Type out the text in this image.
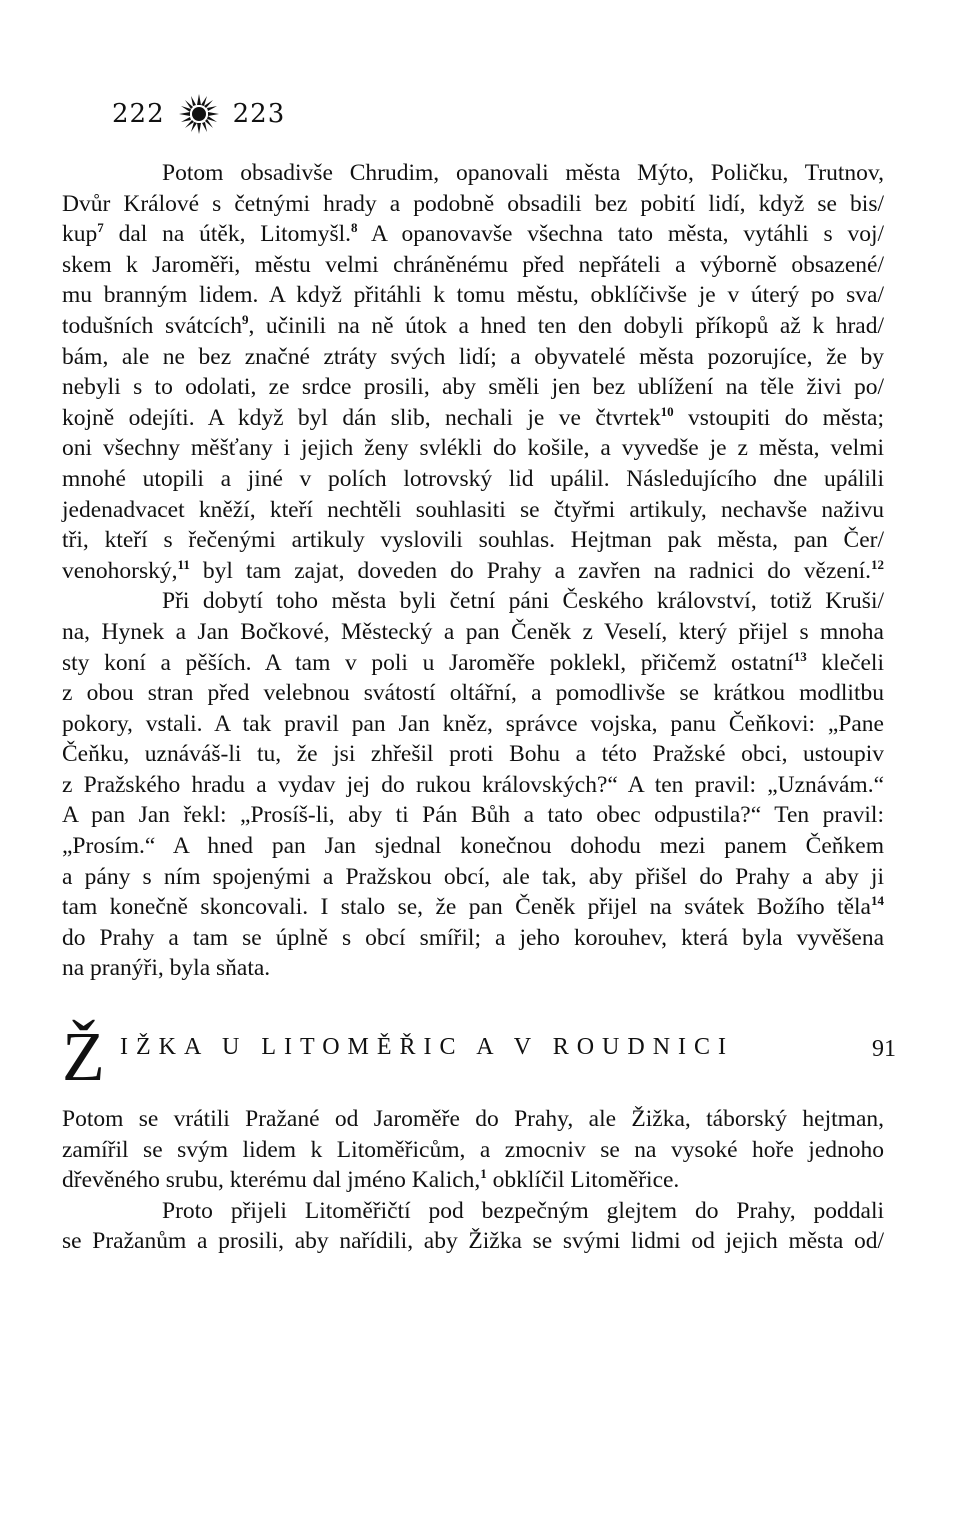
222	223
Potom obsadivše Chrudim, opanovali města Mýto, Poličku, Trutnov,
Dvůr Králové s četnými hrady a podobně obsadili bez pobití lidí, když se bis/
kup$^7$ dal na útěk, Litomyšl.$^8$ A opanovavše všechna tato města, vytáhli s voj/
skem k Jaroměři, městu velmi chráněnému před nepřáteli a výborně obsazené/
mu branným lidem. A když přitáhli k tomu městu, obklíčivše je v úterý po sva/
todušních svátcích$^9$, učinili na ně útok a hned ten den dobyli příkopů až k hrad/
bám, ale ne bez značné ztráty svých lidí; a obyvatelé města pozorujíce, že by
nebyli s to odolati, ze srdce prosili, aby směli jen bez ublížení na těle živi po/
kojně odejíti. A když byl dán slib, nechali je ve čtvrtek$^{10}$ vstoupiti do města;
oni všechny měšťany i jejich ženy svlékli do košile, a vyvedše je z města, velmi
mnohé utopili a jiné v polích lotrovský lid upálil. Následujícího dne upálili
jedenadvacet kněží, kteří nechtěli souhlasiti se čtyřmi artikuly, nechavše naživu
tři, kteří s řečenými artikuly vyslovili souhlas. Hejtman pak města, pan Čer/
venohorský,$^{11}$ byl tam zajat, doveden do Prahy a zavřen na radnici do vězení.$^{12}$
Při dobytí toho města byli četní páni Českého království, totiž Kruši/
na, Hynek a Jan Bočkové, Městecký a pan Čeněk z Veselí, který přijel s mnoha
sty koní a pěších. A tam v poli u Jaroměře poklekl, přičemž ostatní$^{13}$ klečeli
z obou stran před velebnou svátostí oltářní, a pomodlivše se krátkou modlitbu
pokory, vstali. A tak pravil pan Jan kněz, správce vojska, panu Čeňkovi: „Pane
Čeňku, uznáváš-li tu, že jsi zhřešil proti Bohu a této Pražské obci, ustoupiv
z Pražského hradu a vydav jej do rukou královských?“ A ten pravil: „Uznávám.“
A pan Jan řekl: „Prosíš-li, aby ti Pán Bůh a tato obec odpustila?“ Ten pravil:
„Prosím.“ A hned pan Jan sjednal konečnou dohodu mezi panem Čeňkem
a pány s ním spojenými a Pražskou obcí, ale tak, aby přišel do Prahy a aby ji
tam konečně skoncovali. I stalo se, že pan Čeněk přijel na svátek Božího těla$^{14}$
do Prahy a tam se úplně s obcí smířil; a jeho korouhev, která byla vyvěšena
na pranýři, byla sňata.
Ž IŽKA U LITOMĚŘIC A V ROUDNICI	91
Potom se vrátili Pražané od Jaroměře do Prahy, ale Žižka, táborský hejtman,
zamířil se svým lidem k Litoměřicům, a zmocniv se na vysoké hoře jednoho
dřevěného srubu, kterému dal jméno Kalich,$^1$ obklíčil Litoměřice.
Proto přijeli Litoměřičtí pod bezpečným glejtem do Prahy, poddali
se Pražanům a prosili, aby nařídili, aby Žižka se svými lidmi od jejich města od/
